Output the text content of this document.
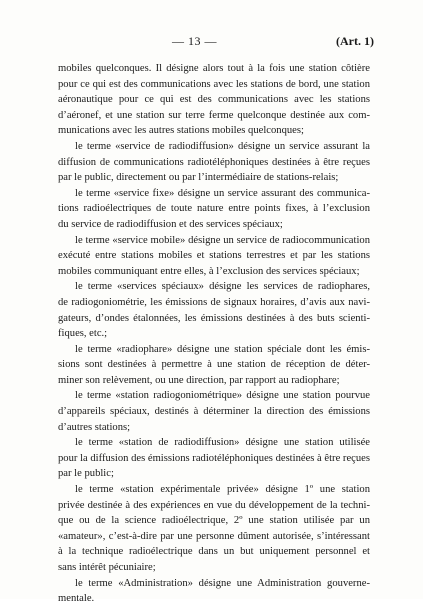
— 13 —	(Art. 1)
mobiles quelconques. Il désigne alors tout à la fois une station côtière
pour ce qui est des communications avec les stations de bord, une station
aéronautique pour ce qui est des communications avec les stations
d’aéronef, et une station sur terre ferme quelconque destinée aux com-
munications avec les autres stations mobiles quelconques;
le terme «service de radiodiffusion» désigne un service assurant la
diffusion de communications radiotéléphoniques destinées à être reçues
par le public, directement ou par l’intermédiaire de stations-relais;
le terme «service fixe» désigne un service assurant des communica-
tions radioélectriques de toute nature entre points fixes, à l’exclusion
du service de radiodiffusion et des services spéciaux;
le terme «service mobile» désigne un service de radiocommunication
exécuté entre stations mobiles et stations terrestres et par les stations
mobiles communiquant entre elles, à l’exclusion des services spéciaux;
le terme «services spéciaux» désigne les services de radiophares,
de radiogoniométrie, les émissions de signaux horaires, d’avis aux navi-
gateurs, d’ondes étalonnées, les émissions destinées à des buts scienti-
fiques, etc.;
le terme «radiophare» désigne une station spéciale dont les émis-
sions sont destinées à permettre à une station de réception de déter-
miner son relèvement, ou une direction, par rapport au radiophare;
le terme «station radiogoniométrique» désigne une station pourvue
d’appareils spéciaux, destinés à déterminer la direction des émissions
d’autres stations;
le terme «station de radiodiffusion» désigne une station utilisée
pour la diffusion des émissions radiotéléphoniques destinées à être reçues
par le public;
le terme «station expérimentale privée» désigne 1º une station
privée destinée à des expériences en vue du développement de la techni-
que ou de la science radioélectrique, 2º une station utilisée par un
«amateur», c’est-à-dire par une personne dûment autorisée, s’intéressant
à la technique radioélectrique dans un but uniquement personnel et
sans intérêt pécuniaire;
le terme «Administration» désigne une Administration gouverne-
mentale.
